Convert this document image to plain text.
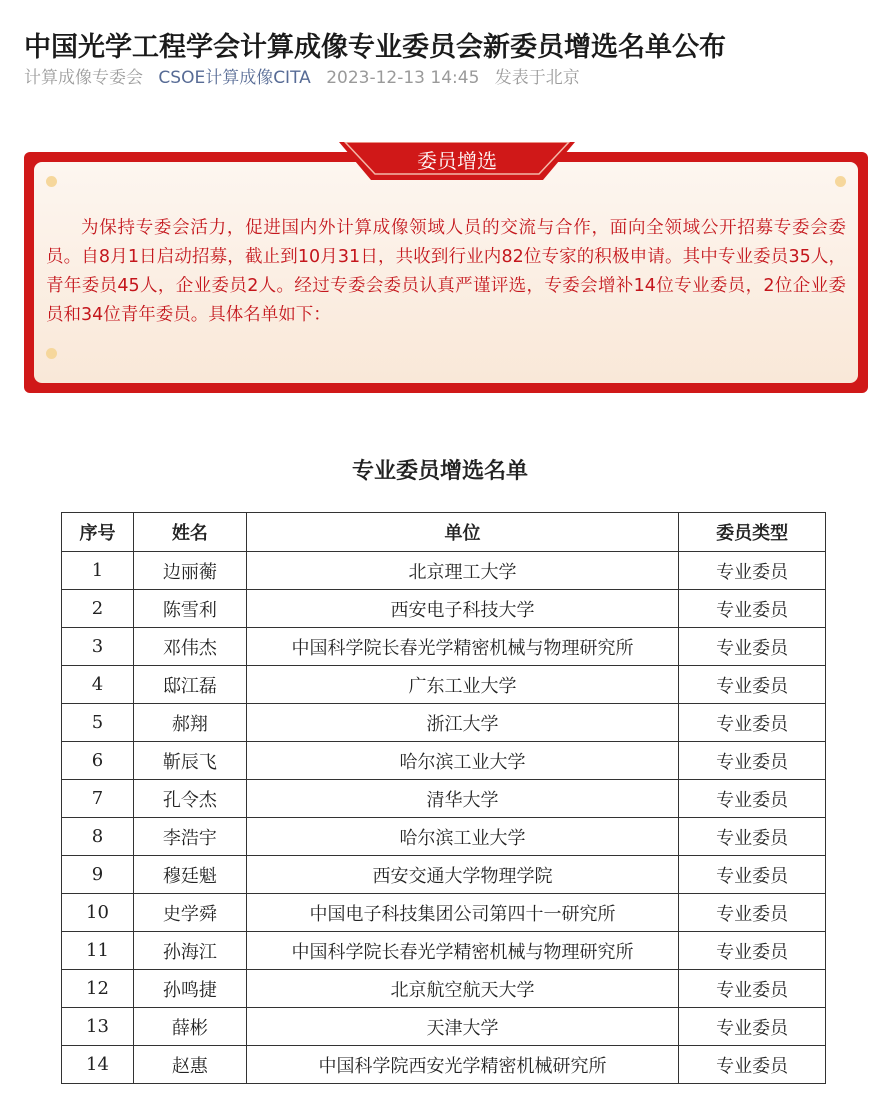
中国光学工程学会计算成像专业委员会新委员增选名单公布
计算成像专委会 CSOE计算成像CITA 2023-12-13 14:45 发表于北京

为保持专委会活力，促进国内外计算成像领域人员的交流与合作，面向全领域公开招募专委会委员。自8月1日启动招募，截止到10月31日，共收到行业内82位专家的积极申请。其中专业委员35人，青年委员45人，企业委员2人。经过专委会委员认真严谨评选，专委会增补14位专业委员，2位企业委员和34位青年委员。具体名单如下：

委员增选
专业委员增选名单
序号	姓名	单位	委员类型
1	边丽蘅	北京理工大学	专业委员
2	陈雪利	西安电子科技大学	专业委员
3	邓伟杰	中国科学院长春光学精密机械与物理研究所	专业委员
4	邸江磊	广东工业大学	专业委员
5	郝翔	浙江大学	专业委员
6	靳辰飞	哈尔滨工业大学	专业委员
7	孔令杰	清华大学	专业委员
8	李浩宇	哈尔滨工业大学	专业委员
9	穆廷魁	西安交通大学物理学院	专业委员
10	史学舜	中国电子科技集团公司第四十一研究所	专业委员
11	孙海江	中国科学院长春光学精密机械与物理研究所	专业委员
12	孙鸣捷	北京航空航天大学	专业委员
13	薛彬	天津大学	专业委员
14	赵惠	中国科学院西安光学精密机械研究所	专业委员
